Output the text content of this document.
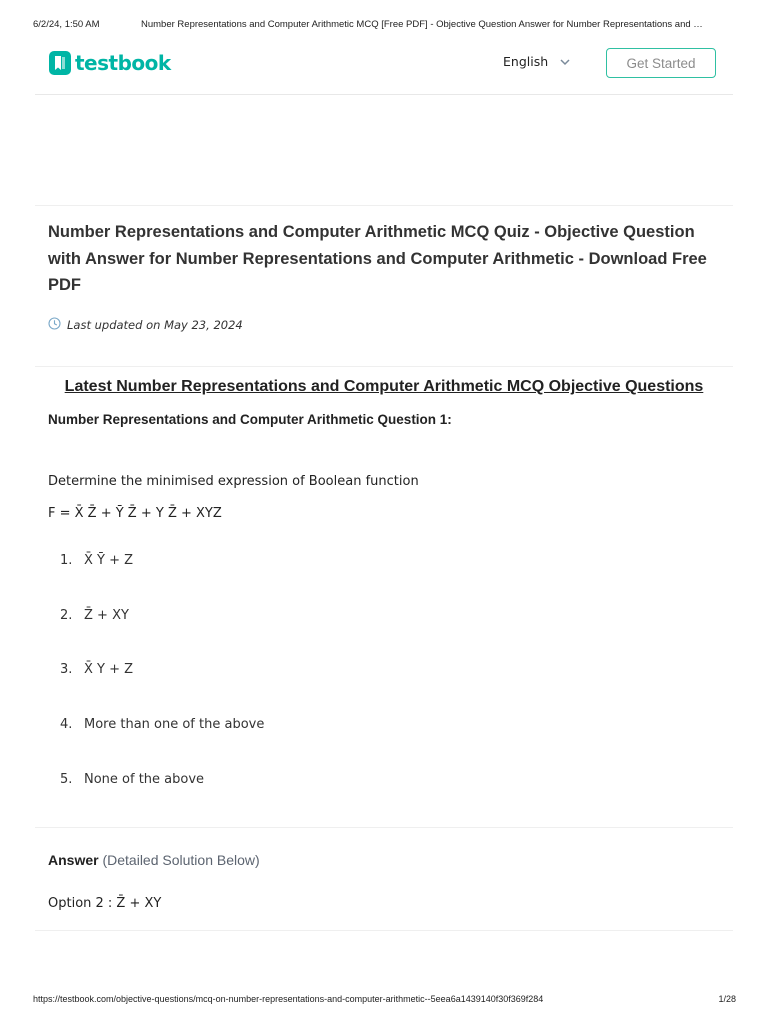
6/2/24, 1:50 AM	Number Representations and Computer Arithmetic MCQ [Free PDF] - Objective Question Answer for Number Representations and …
testbook	English	Get Started
Number Representations and Computer Arithmetic MCQ Quiz - Objective Question with Answer for Number Representations and Computer Arithmetic - Download Free PDF
Last updated on May 23, 2024
Latest Number Representations and Computer Arithmetic MCQ Objective Questions
Number Representations and Computer Arithmetic Question 1:
Determine the minimised expression of Boolean function
F = X̄ Z̄ + Ȳ Z̄ + Y Z̄ + XYZ
1. X̄ Ȳ + Z
2. Z̄ + XY
3. X̄ Y + Z
4. More than one of the above
5. None of the above
Answer (Detailed Solution Below)
Option 2 : Z̄ + XY
https://testbook.com/objective-questions/mcq-on-number-representations-and-computer-arithmetic--5eea6a1439140f30f369f284	1/28
